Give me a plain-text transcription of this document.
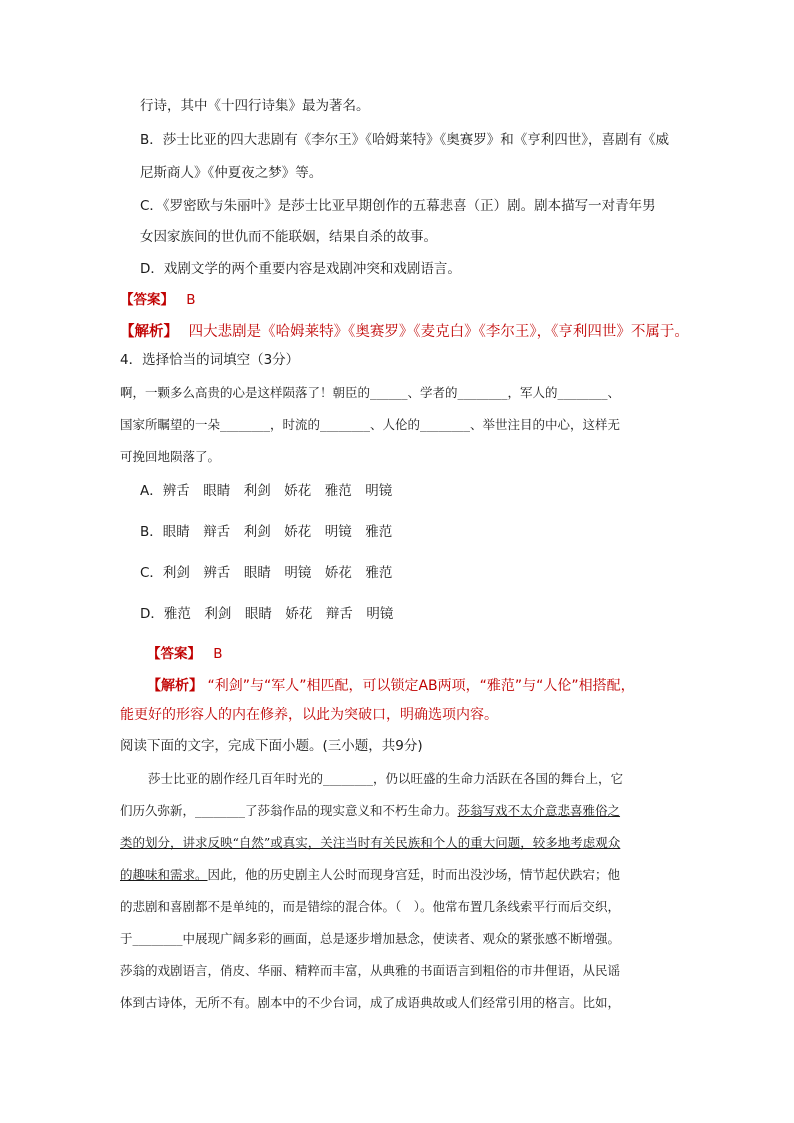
行诗，其中《十四行诗集》最为著名。
B．莎士比亚的四大悲剧有《李尔王》《哈姆莱特》《奥赛罗》和《亨利四世》，喜剧有《威
尼斯商人》《仲夏夜之梦》等。
C．《罗密欧与朱丽叶》是莎士比亚早期创作的五幕悲喜（正）剧。剧本描写一对青年男
女因家族间的世仇而不能联姻，结果自杀的故事。
D．戏剧文学的两个重要内容是戏剧冲突和戏剧语言。
【答案】 B
【解析】 四大悲剧是《哈姆莱特》《奥赛罗》《麦克白》《李尔王》，《亨利四世》不属于。
4．选择恰当的词填空（3分）
啊，一颗多么高贵的心是这样陨落了！朝臣的______、学者的________，军人的________、
国家所瞩望的一朵________，时流的________、人伦的________、举世注目的中心，这样无
可挽回地陨落了。
A．辨舌　眼睛　利剑　娇花　雅范　明镜
B．眼睛　辩舌　利剑　娇花　明镜　雅范
C．利剑　辨舌　眼睛　明镜　娇花　雅范
D．雅范　利剑　眼睛　娇花　辩舌　明镜
【答案】 B
【解析】 “利剑”与“军人”相匹配，可以锁定AB两项，“雅范”与“人伦”相搭配，
能更好的形容人的内在修养，以此为突破口，明确选项内容。
阅读下面的文字，完成下面小题。(三小题，共9分)
莎士比亚的剧作经几百年时光的________，仍以旺盛的生命力活跃在各国的舞台上，它
们历久弥新，________了莎翁作品的现实意义和不朽生命力。莎翁写戏不太介意悲喜雅俗之
类的划分，讲求反映“自然”或真实，关注当时有关民族和个人的重大问题，较多地考虑观众
的趣味和需求。因此，他的历史剧主人公时而现身宫廷，时而出没沙场，情节起伏跌宕；他
的悲剧和喜剧都不是单纯的，而是错综的混合体。（　）。他常布置几条线索平行而后交织，
于________中展现广阔多彩的画面，总是逐步增加悬念，使读者、观众的紧张感不断增强。
莎翁的戏剧语言，俏皮、华丽、精粹而丰富，从典雅的书面语言到粗俗的市井俚语，从民谣
体到古诗体，无所不有。剧本中的不少台词，成了成语典故或人们经常引用的格言。比如，
